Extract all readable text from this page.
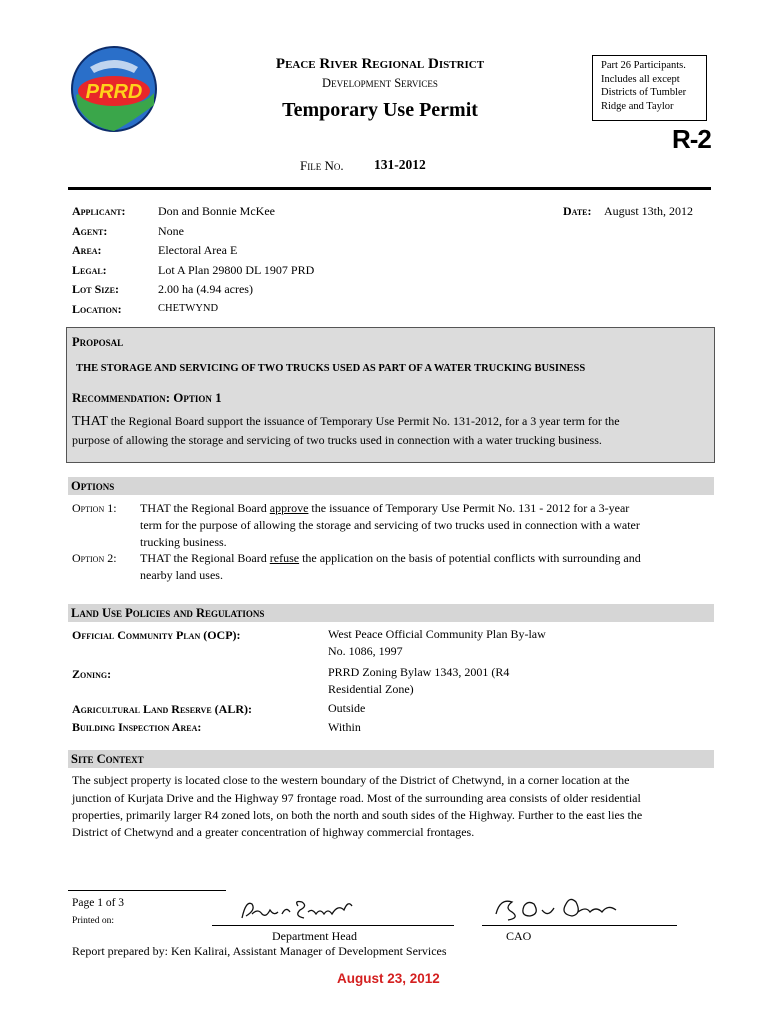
PRRD
Peace River Regional District
Development Services
Temporary Use Permit
Part 26 Participants.
Includes all except
Districts of Tumbler
Ridge and Taylor
R-2
File No. 131-2012
Applicant:	Don and Bonnie McKee	Date: August 13th, 2012
Agent:	None
Area:	Electoral Area E
Legal:	Lot A Plan 29800 DL 1907 PRD
Lot Size:	2.00 ha (4.94 acres)
Location:	CHETWYND
Proposal
THE STORAGE AND SERVICING OF TWO TRUCKS USED AS PART OF A WATER TRUCKING BUSINESS
Recommendation: Option 1
THAT the Regional Board support the issuance of Temporary Use Permit No. 131-2012, for a 3 year term for the
purpose of allowing the storage and servicing of two trucks used in connection with a water trucking business.
Options
Option 1: THAT the Regional Board approve the issuance of Temporary Use Permit No. 131 - 2012 for a 3-year
term for the purpose of allowing the storage and servicing of two trucks used in connection with a water
trucking business.
Option 2: THAT the Regional Board refuse the application on the basis of potential conflicts with surrounding and
nearby land uses.
Land Use Policies and Regulations
Official Community Plan (OCP):	West Peace Official Community Plan By-law
No. 1086, 1997
Zoning:	PRRD Zoning Bylaw 1343, 2001 (R4
Residential Zone)
Agricultural Land Reserve (ALR):	Outside
Building Inspection Area:	Within
Site Context
The subject property is located close to the western boundary of the District of Chetwynd, in a corner location at the
junction of Kurjata Drive and the Highway 97 frontage road. Most of the surrounding area consists of older residential
properties, primarily larger R4 zoned lots, on both the north and south sides of the Highway. Further to the east lies the
District of Chetwynd and a greater concentration of highway commercial frontages.
Page 1 of 3
Printed on:
Department Head	CAO
Report prepared by: Ken Kalirai, Assistant Manager of Development Services
August 23, 2012
